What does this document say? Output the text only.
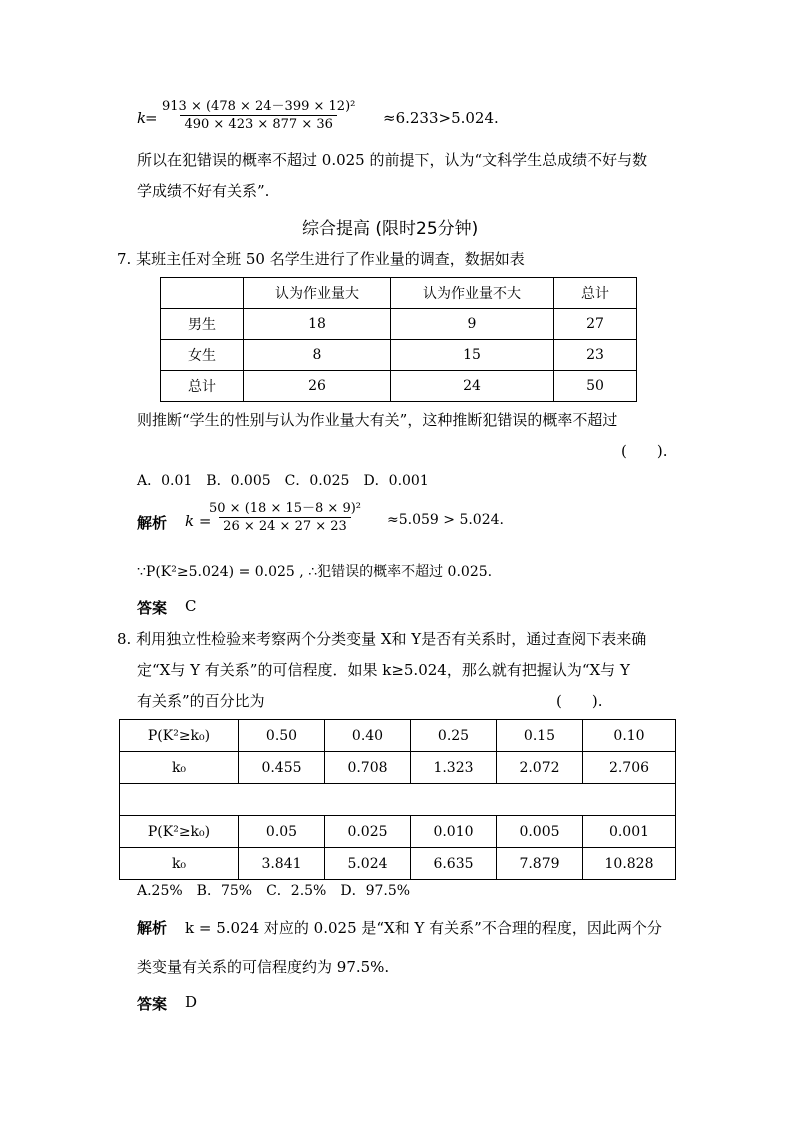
k
= $\frac{\text{913 × (478 × 24－399 × 12)²}}{490 \times 423 \times 877 \times 36} \approx 6.233>5.024$.
所以在犯错误的概率不超过 0.025 的前提下，认为“文科学生总成绩不好与数
学成绩不好有关系”.
综合提高 (限时25分钟)
7. 某班主任对全班 50 名学生进行了作业量的调查，数据如表
	认为作业量大	认为作业量不大	总计
男生	18	9	27
女生	8	15	23
总计	26	24	50
则推断“学生的性别与认为作业量大有关”，这种推断犯错误的概率不超过
(　　).
A．0.01　B．0.005　C．0.025　D．0.001
解析 k =
$\frac{\text{50 × (18 × 15－8 × 9)²}}{26 \times 24 \times 27 \times 23} \approx 5.059 > 5.024$.
∵P(K²≥5.024) = 0.025 , ∴犯错误的概率不超过 0.025.
答案 C
8. 利用独立性检验来考察两个分类变量 X和 Y是否有关系时，通过查阅下表来确
定“X与 Y 有关系”的可信程度．如果 k≥5.024，那么就有把握认为“X与 Y
有关系”的百分比为	(　　).
P(K²≥k₀)	0.50	0.40	0.25	0.15	0.10
k₀	0.455	0.708	1.323	2.072	2.706

P(K²≥k₀)	0.05	0.025	0.010	0.005	0.001
k₀	3.841	5.024	6.635	7.879	10.828
A.25%　B．75%　C．2.5%　D．97.5%
解析 k = 5.024 对应的 0.025 是“X和 Y 有关系”不合理的程度，因此两个分
类变量有关系的可信程度约为 97.5%.
答案 D
